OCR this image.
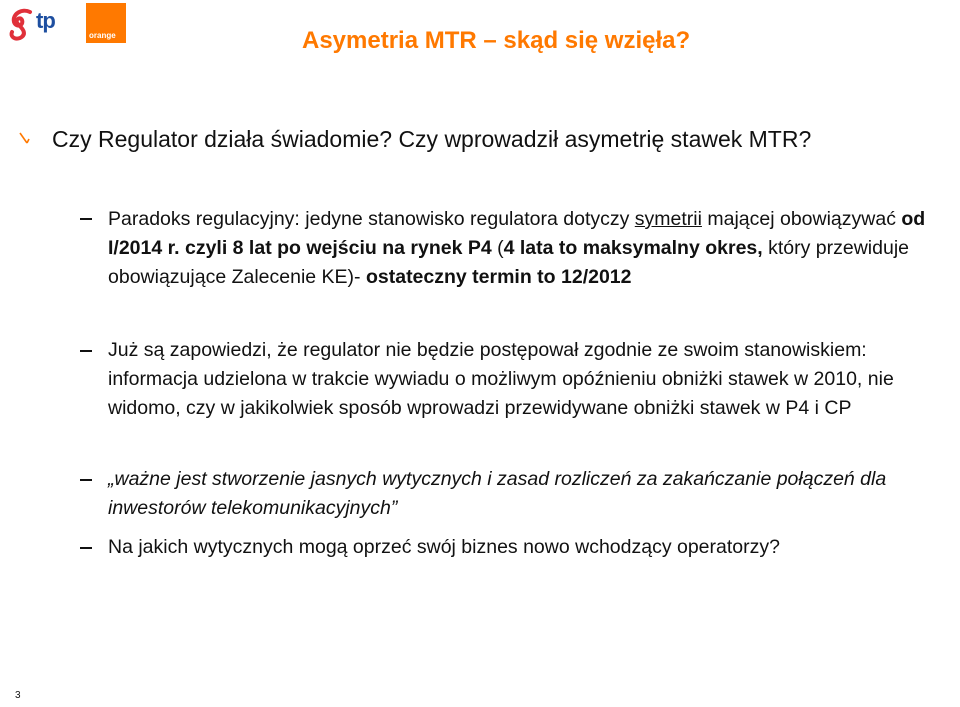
tp
orange	Asymetria MTR – skąd się wzięła?
Czy Regulator działa świadomie? Czy wprowadził asymetrię stawek MTR?
Paradoks regulacyjny: jedyne stanowisko regulatora dotyczy symetrii mającej obowiązywać od I/2014 r. czyli 8 lat po wejściu na rynek P4 (4 lata to maksymalny okres, który przewiduje obowiązujące Zalecenie KE)- ostateczny termin to 12/2012
Już są zapowiedzi, że regulator nie będzie postępował zgodnie ze swoim stanowiskiem: informacja udzielona w trakcie wywiadu o możliwym opóźnieniu obniżki stawek w 2010, nie widomo, czy w jakikolwiek sposób wprowadzi przewidywane obniżki stawek w P4 i CP
„ważne jest stworzenie jasnych wytycznych i zasad rozliczeń za zakańczanie połączeń dla inwestorów telekomunikacyjnych”
Na jakich wytycznych mogą oprzeć swój biznes nowo wchodzący operatorzy?
3
